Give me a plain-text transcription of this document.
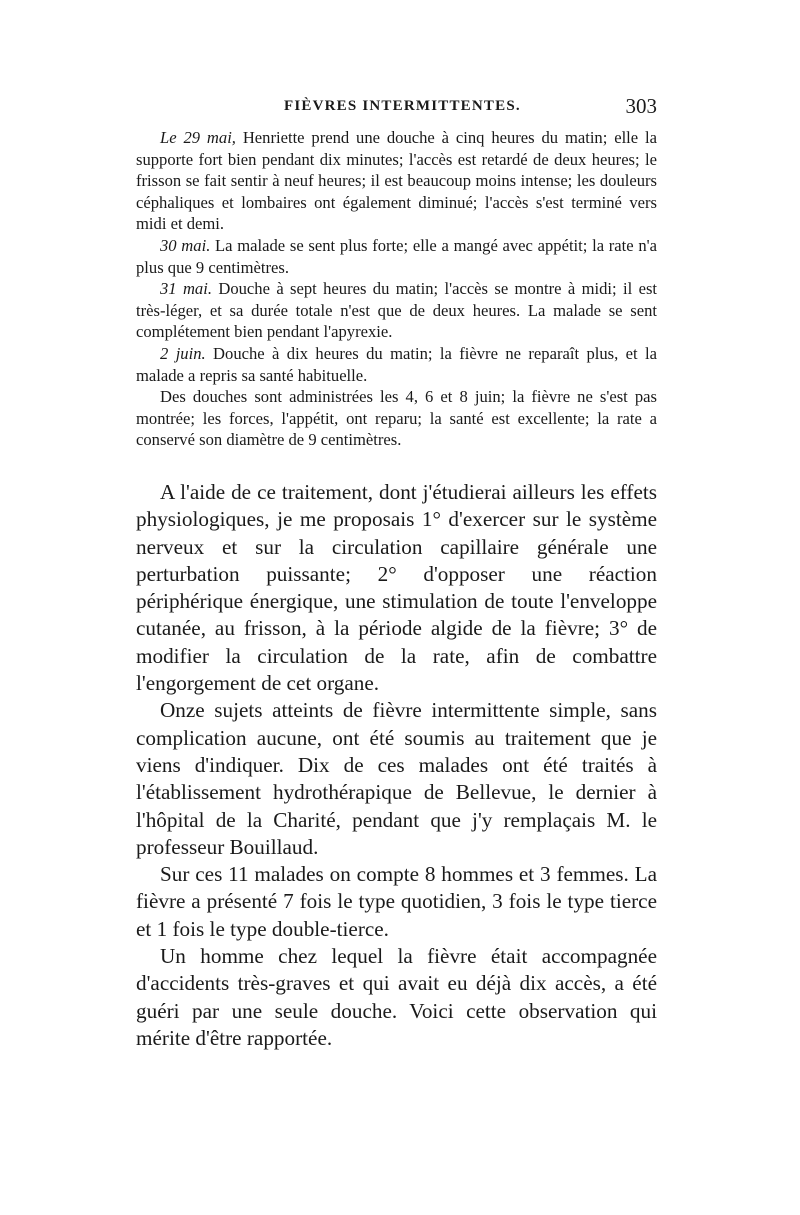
FIÈVRES INTERMITTENTES.	303

Le 29 mai, Henriette prend une douche à cinq heures du matin; elle la supporte fort bien pendant dix minutes; l'accès est retardé de deux heures; le frisson se fait sentir à neuf heures; il est beaucoup moins intense; les douleurs céphaliques et lombaires ont également diminué; l'accès s'est terminé vers midi et demi.

30 mai. La malade se sent plus forte; elle a mangé avec appétit; la rate n'a plus que 9 centimètres.

31 mai. Douche à sept heures du matin; l'accès se montre à midi; il est très-léger, et sa durée totale n'est que de deux heures. La malade se sent complétement bien pendant l'apyrexie.

2 juin. Douche à dix heures du matin; la fièvre ne reparaît plus, et la malade a repris sa santé habituelle.

Des douches sont administrées les 4, 6 et 8 juin; la fièvre ne s'est pas montrée; les forces, l'appétit, ont reparu; la santé est excellente; la rate a conservé son diamètre de 9 centimètres.

A l'aide de ce traitement, dont j'étudierai ailleurs les effets physiologiques, je me proposais 1° d'exercer sur le système nerveux et sur la circulation capillaire générale une perturbation puissante; 2° d'opposer une réaction périphérique énergique, une stimulation de toute l'enveloppe cutanée, au frisson, à la période algide de la fièvre; 3° de modifier la circulation de la rate, afin de combattre l'engorgement de cet organe.

Onze sujets atteints de fièvre intermittente simple, sans complication aucune, ont été soumis au traitement que je viens d'indiquer. Dix de ces malades ont été traités à l'établissement hydrothérapique de Bellevue, le dernier à l'hôpital de la Charité, pendant que j'y remplaçais M. le professeur Bouillaud.

Sur ces 11 malades on compte 8 hommes et 3 femmes. La fièvre a présenté 7 fois le type quotidien, 3 fois le type tierce et 1 fois le type double-tierce.

Un homme chez lequel la fièvre était accompagnée d'accidents très-graves et qui avait eu déjà dix accès, a été guéri par une seule douche. Voici cette observation qui mérite d'être rapportée.
